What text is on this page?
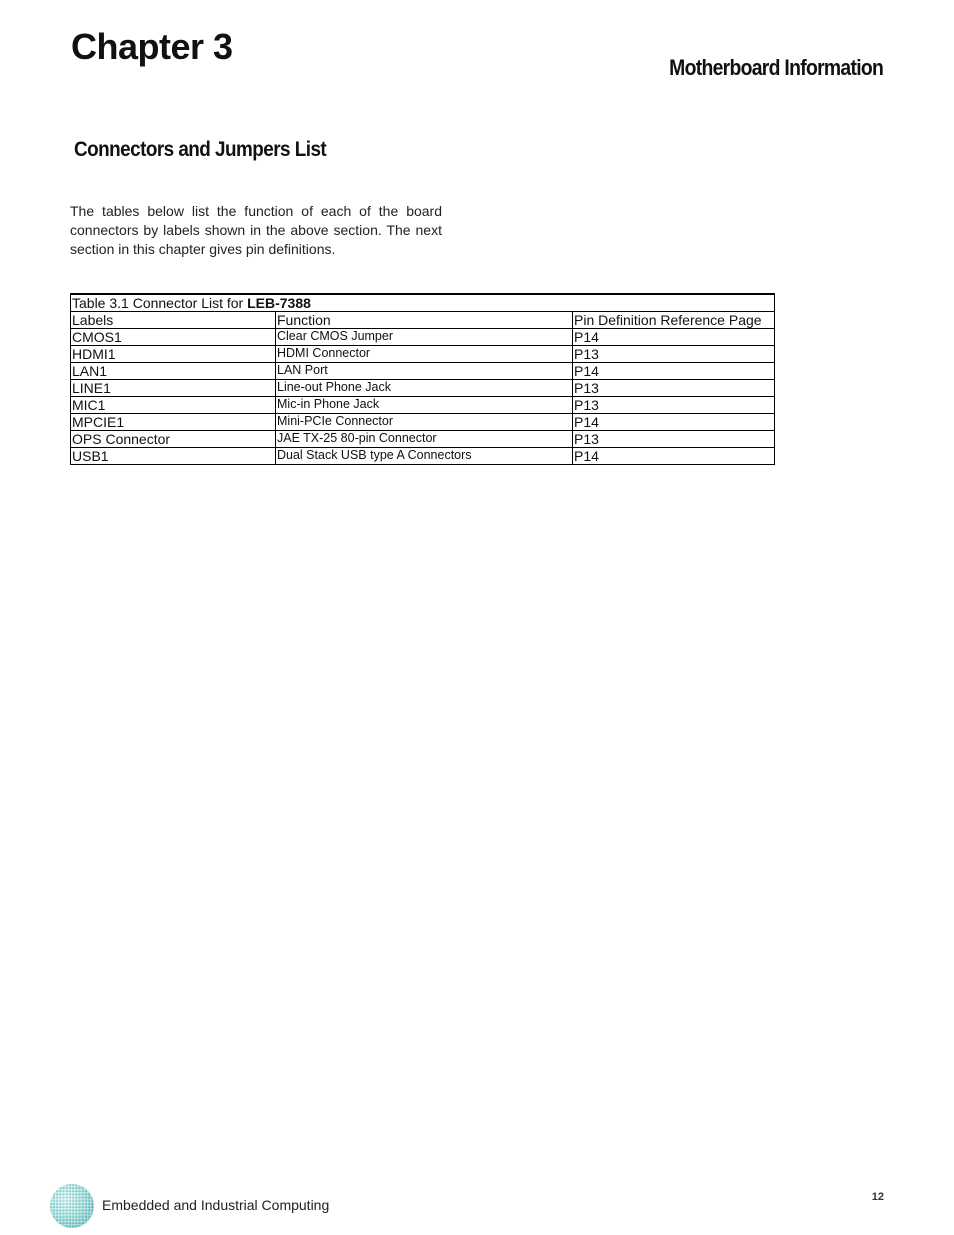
Chapter 3
Motherboard Information
Connectors and Jumpers List

The tables below list the function of each of the board connectors by labels shown in the above section. The next section in this chapter gives pin definitions.

Table 3.1 Connector List for LEB-7388		
Labels	Function	Pin Definition Reference Page
CMOS1	Clear CMOS Jumper	P14
HDMI1	HDMI Connector	P13
LAN1	LAN Port	P14
LINE1	Line-out Phone Jack	P13
MIC1	Mic-in Phone Jack	P13
MPCIE1	Mini-PCIe Connector	P14
OPS Connector	JAE TX-25 80-pin Connector	P13
USB1	Dual Stack USB type A Connectors	P14

Embedded and Industrial Computing	12
